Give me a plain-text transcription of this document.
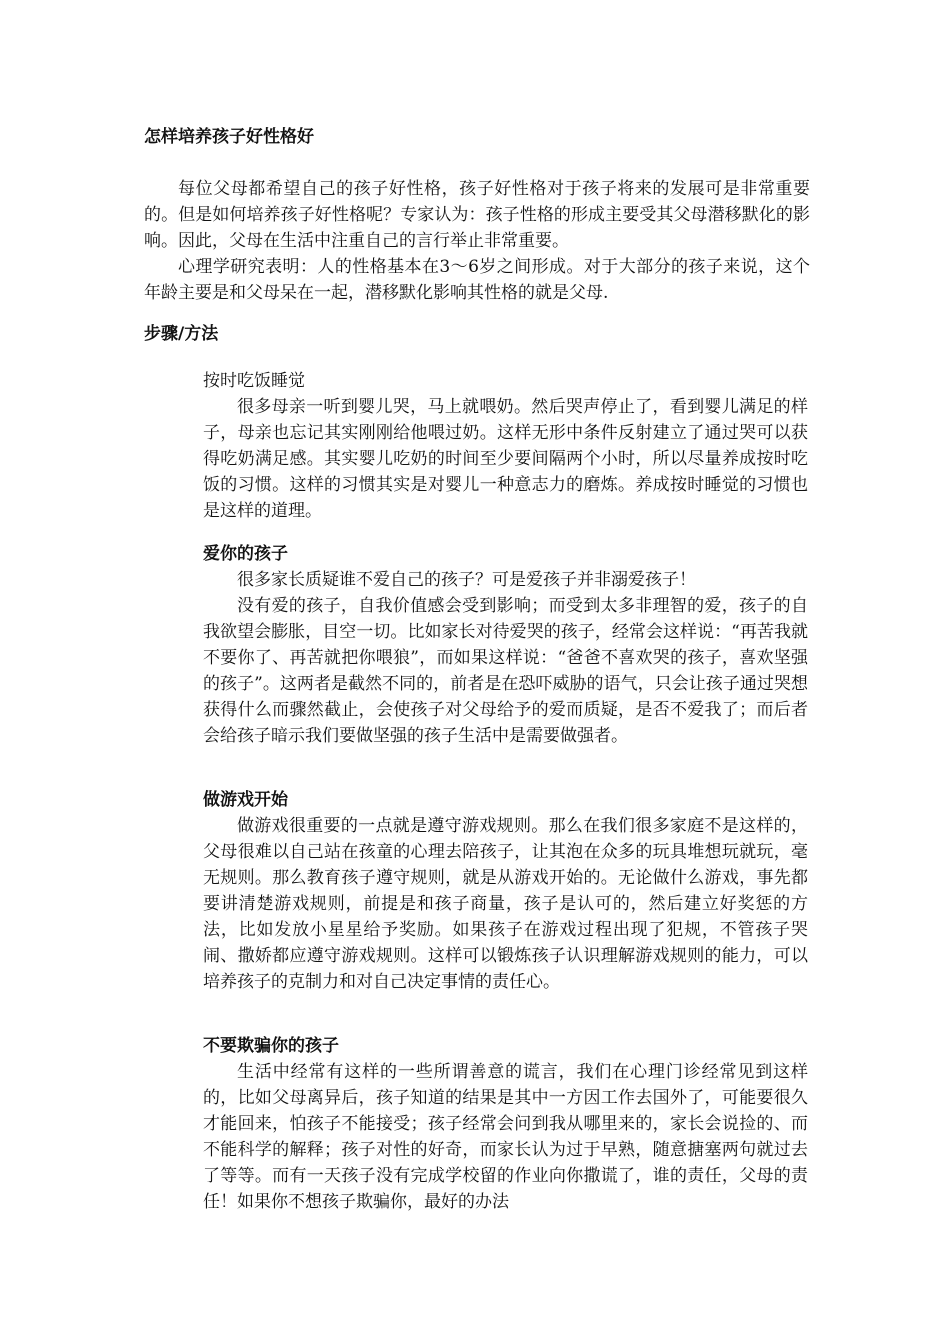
怎样培养孩子好性格好

每位父母都希望自己的孩子好性格，孩子好性格对于孩子将来的发展可是非常重要的。但是如何培养孩子好性格呢？专家认为：孩子性格的形成主要受其父母潜移默化的影响。因此，父母在生活中注重自己的言行举止非常重要。

心理学研究表明：人的性格基本在3～6岁之间形成。对于大部分的孩子来说，这个年龄主要是和父母呆在一起，潜移默化影响其性格的就是父母.

步骤/方法
按时吃饭睡觉

很多母亲一听到婴儿哭，马上就喂奶。然后哭声停止了，看到婴儿满足的样子，母亲也忘记其实刚刚给他喂过奶。这样无形中条件反射建立了通过哭可以获得吃奶满足感。其实婴儿吃奶的时间至少要间隔两个小时，所以尽量养成按时吃饭的习惯。这样的习惯其实是对婴儿一种意志力的磨炼。养成按时睡觉的习惯也是这样的道理。

爱你的孩子

很多家长质疑谁不爱自己的孩子？可是爱孩子并非溺爱孩子！

没有爱的孩子，自我价值感会受到影响；而受到太多非理智的爱，孩子的自我欲望会膨胀，目空一切。比如家长对待爱哭的孩子，经常会这样说：“再苦我就不要你了、再苦就把你喂狼”，而如果这样说：“爸爸不喜欢哭的孩子，喜欢坚强的孩子”。这两者是截然不同的，前者是在恐吓威胁的语气，只会让孩子通过哭想获得什么而骤然截止，会使孩子对父母给予的爱而质疑，是否不爱我了；而后者会给孩子暗示我们要做坚强的孩子生活中是需要做强者。

做游戏开始

做游戏很重要的一点就是遵守游戏规则。那么在我们很多家庭不是这样的，父母很难以自己站在孩童的心理去陪孩子，让其泡在众多的玩具堆想玩就玩，毫无规则。那么教育孩子遵守规则，就是从游戏开始的。无论做什么游戏，事先都要讲清楚游戏规则，前提是和孩子商量，孩子是认可的，然后建立好奖惩的方法，比如发放小星星给予奖励。如果孩子在游戏过程出现了犯规，不管孩子哭闹、撒娇都应遵守游戏规则。这样可以锻炼孩子认识理解游戏规则的能力，可以培养孩子的克制力和对自己决定事情的责任心。

不要欺骗你的孩子

生活中经常有这样的一些所谓善意的谎言，我们在心理门诊经常见到这样的，比如父母离异后，孩子知道的结果是其中一方因工作去国外了，可能要很久才能回来，怕孩子不能接受；孩子经常会问到我从哪里来的，家长会说捡的、而不能科学的解释；孩子对性的好奇，而家长认为过于早熟，随意搪塞两句就过去了等等。而有一天孩子没有完成学校留的作业向你撒谎了，谁的责任，父母的责任！如果你不想孩子欺骗你，最好的办法
